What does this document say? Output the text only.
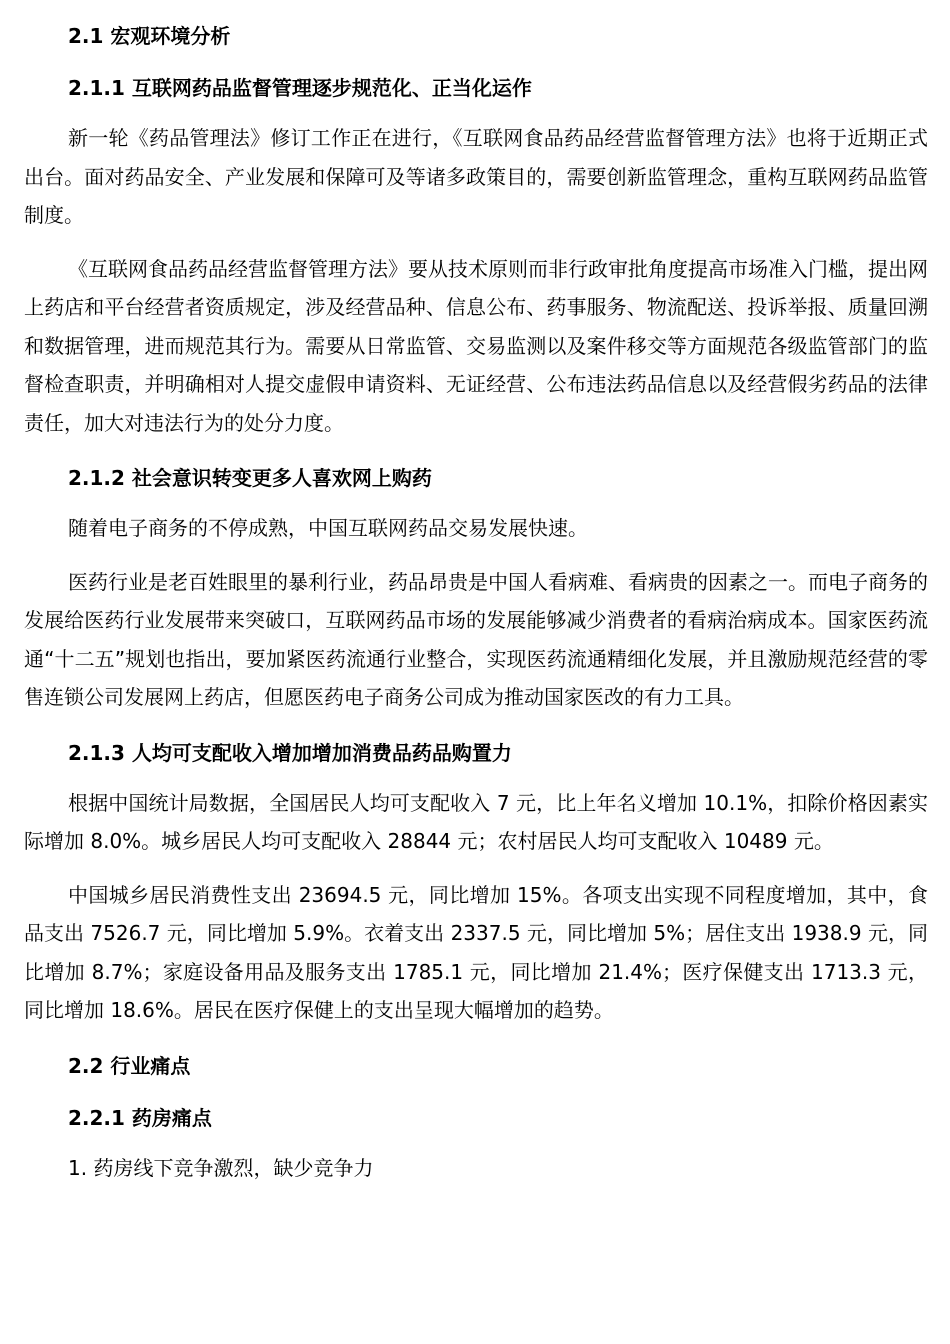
2.1 宏观环境分析
2.1.1 互联网药品监督管理逐步规范化、正当化运作

新一轮《药品管理法》修订工作正在进行，《互联网食品药品经营监督管理方法》也将于近期正式出台。面对药品安全、产业发展和保障可及等诸多政策目的，需要创新监管理念，重构互联网药品监管制度。

《互联网食品药品经营监督管理方法》要从技术原则而非行政审批角度提高市场准入门槛，提出网上药店和平台经营者资质规定，涉及经营品种、信息公布、药事服务、物流配送、投诉举报、质量回溯和数据管理，进而规范其行为。需要从日常监管、交易监测以及案件移交等方面规范各级监管部门的监督检查职责，并明确相对人提交虚假申请资料、无证经营、公布违法药品信息以及经营假劣药品的法律责任，加大对违法行为的处分力度。

2.1.2 社会意识转变更多人喜欢网上购药

随着电子商务的不停成熟，中国互联网药品交易发展快速。

医药行业是老百姓眼里的暴利行业，药品昂贵是中国人看病难、看病贵的因素之一。而电子商务的发展给医药行业发展带来突破口，互联网药品市场的发展能够减少消费者的看病治病成本。国家医药流通“十二五”规划也指出，要加紧医药流通行业整合，实现医药流通精细化发展，并且激励规范经营的零售连锁公司发展网上药店，但愿医药电子商务公司成为推动国家医改的有力工具。

2.1.3 人均可支配收入增加增加消费品药品购置力

根据中国统计局数据，全国居民人均可支配收入 7 元，比上年名义增加 10.1%，扣除价格因素实际增加 8.0%。城乡居民人均可支配收入 28844 元；农村居民人均可支配收入 10489 元。

中国城乡居民消费性支出 23694.5 元，同比增加 15%。各项支出实现不同程度增加，其中，食品支出 7526.7 元，同比增加 5.9%。衣着支出 2337.5 元，同比增加 5%；居住支出 1938.9 元，同比增加 8.7%；家庭设备用品及服务支出 1785.1 元，同比增加 21.4%；医疗保健支出 1713.3 元，同比增加 18.6%。居民在医疗保健上的支出呈现大幅增加的趋势。

2.2 行业痛点
2.2.1 药房痛点

1. 药房线下竞争激烈，缺少竞争力
